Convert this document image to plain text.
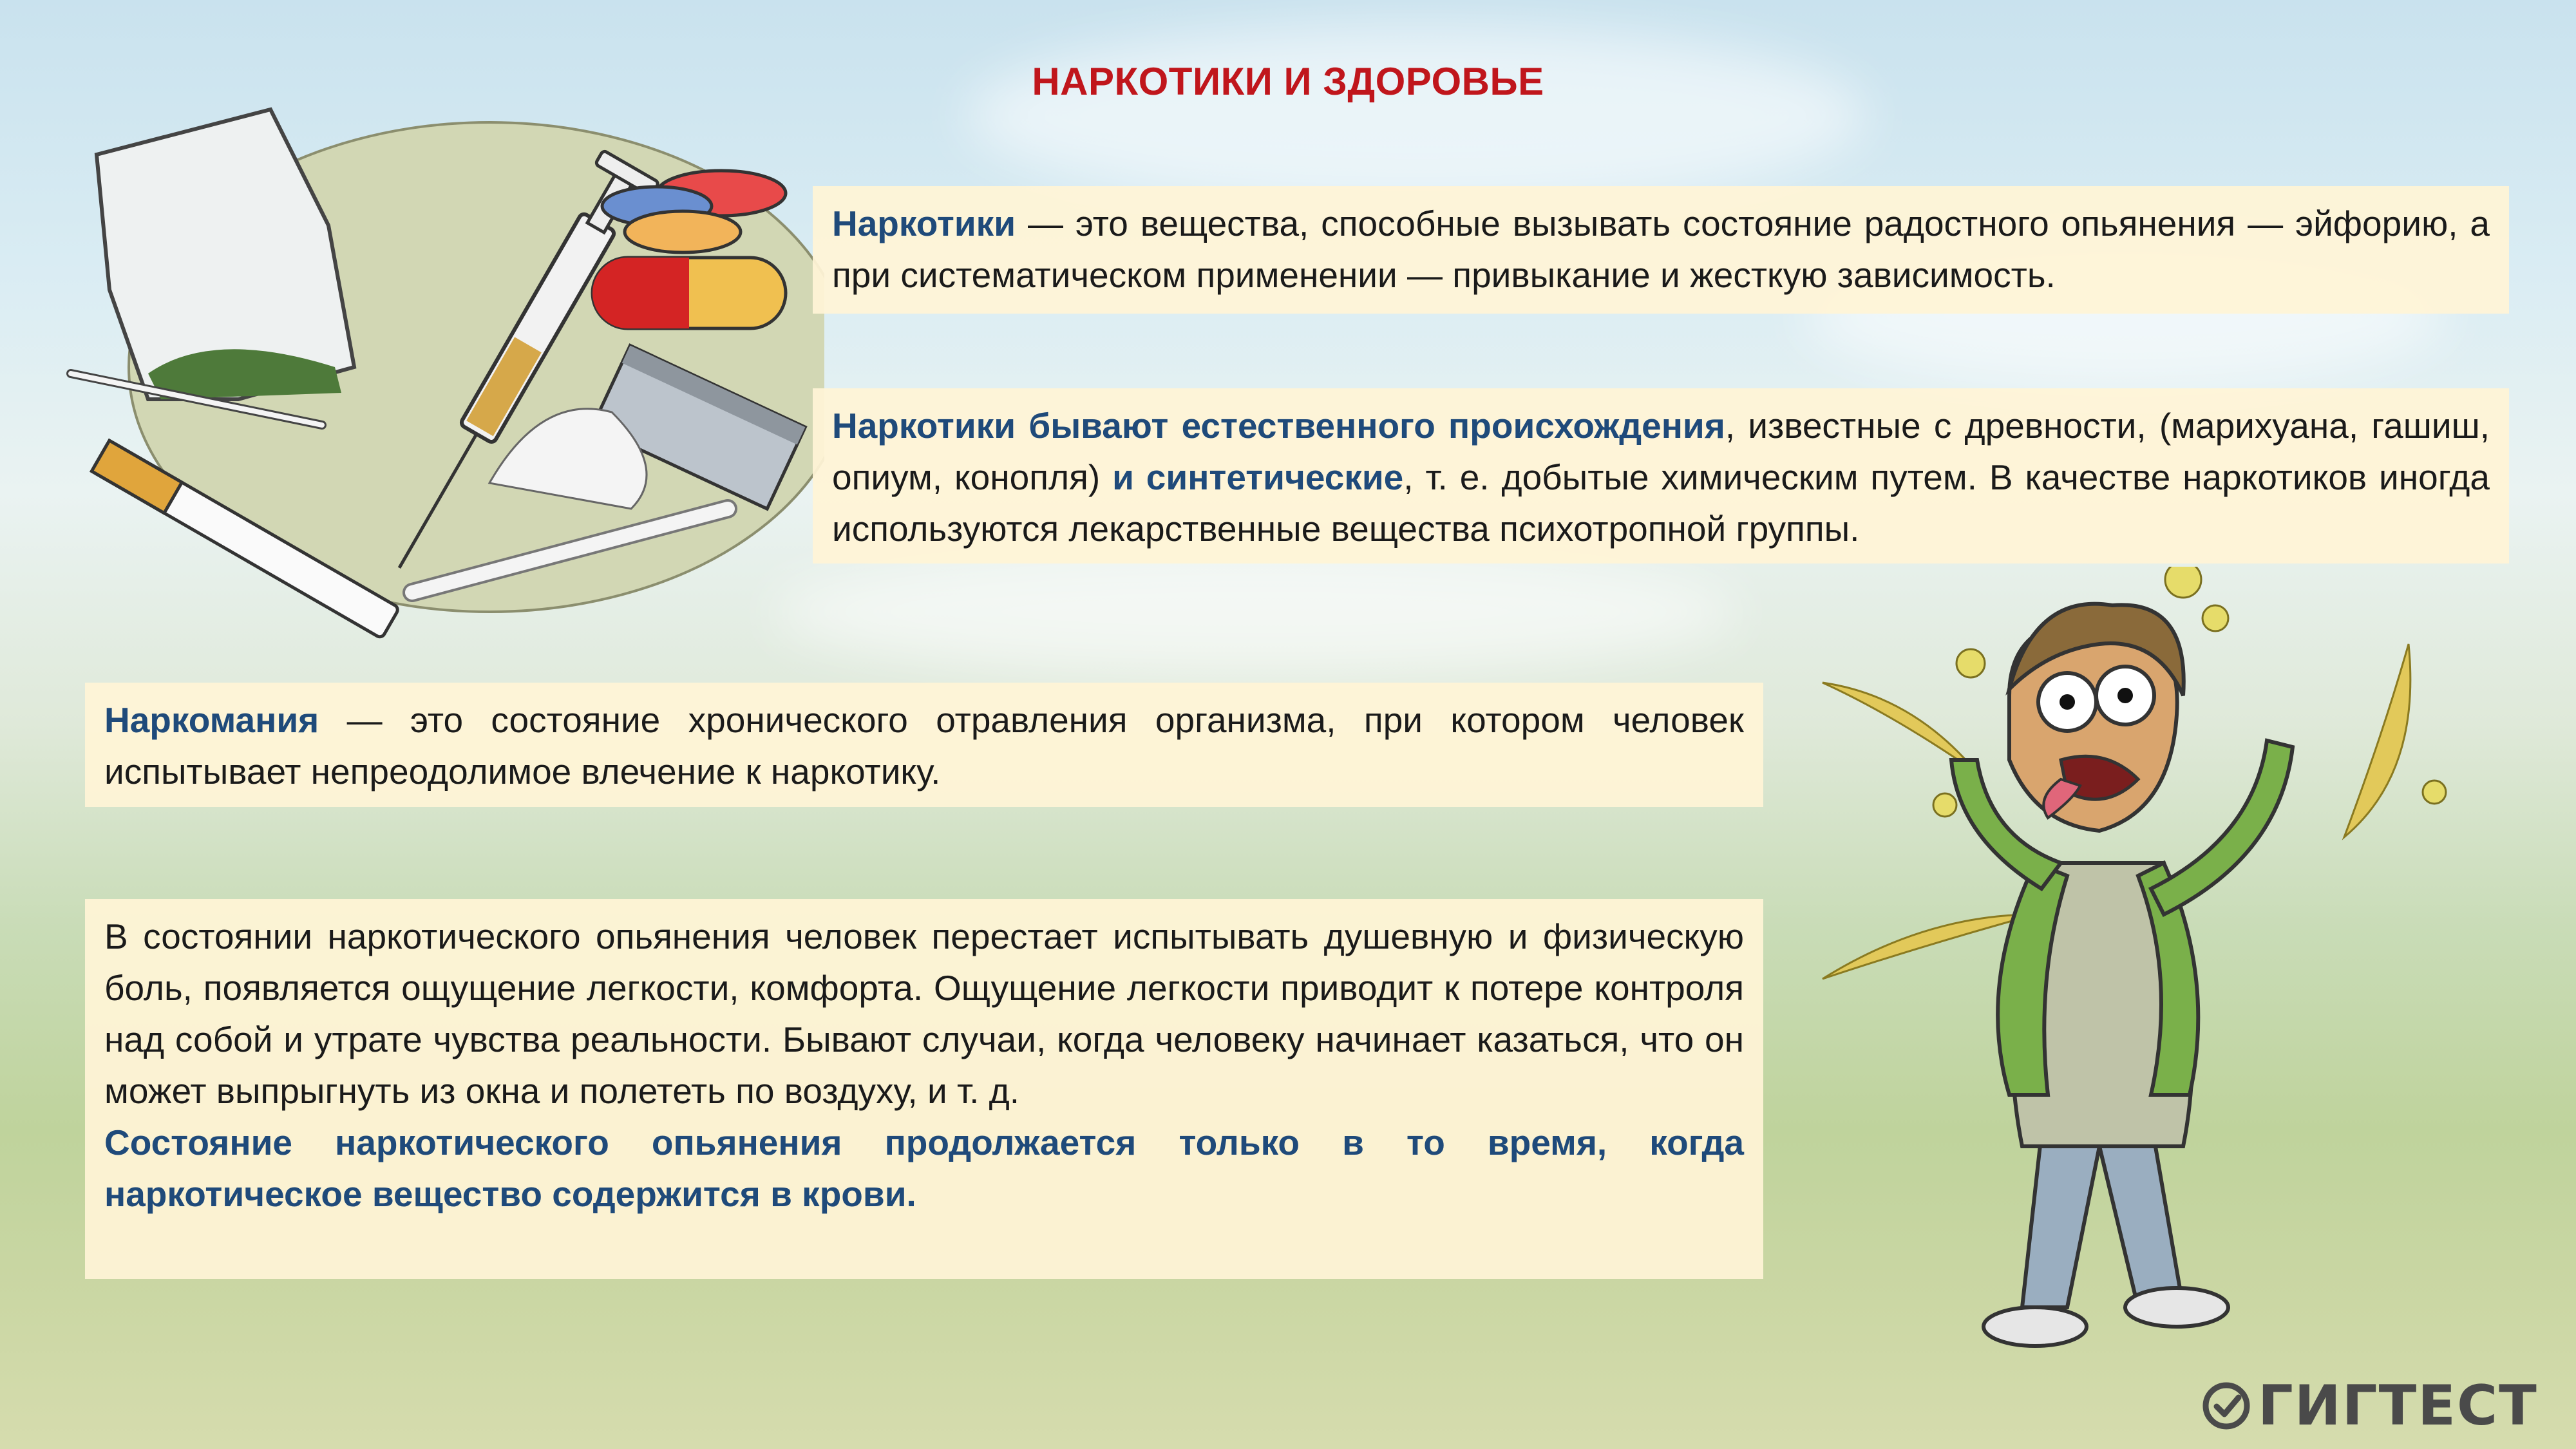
НАРКОТИКИ И ЗДОРОВЬЕ

Наркотики — это вещества, способные вызывать состояние радостного опьянения — эйфорию, а при систематическом применении — привыкание и жесткую зависимость.

Наркотики бывают естественного происхождения, известные с древности, (марихуана, гашиш, опиум, конопля) и синтетические, т. е. добытые химическим путем. В качестве наркотиков иногда используются лекарственные вещества психотропной группы.

Наркомания — это состояние хронического отравления организма, при котором человек испытывает непреодолимое влечение к наркотику.

В состоянии наркотического опьянения человек перестает испытывать душевную и физическую боль, появляется ощущение легкости, комфорта. Ощущение легкости приводит к потере контроля над собой и утрате чувства реальности. Бывают случаи, когда человеку начинает казаться, что он может выпрыгнуть из окна и полететь по воздуху, и т. д.

Состояние наркотического опьянения продолжается только в то время, когда наркотическое вещество содержится в крови.

ГИГТЕСТ
